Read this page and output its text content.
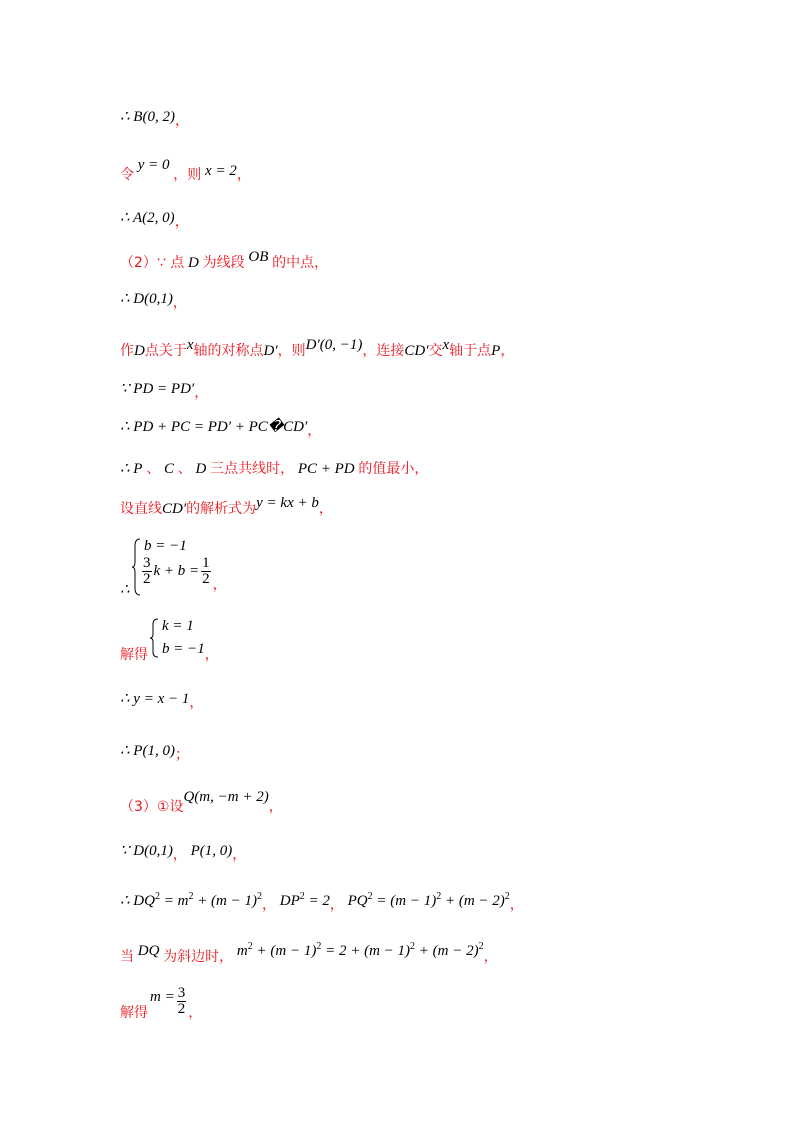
∴ B(0, 2)，
令 y = 0 ，则 x = 2，
∴ A(2, 0)，
（2）∵ 点 D 为线段 OB 的中点，
∴ D(0,1)，
作D点关于x轴的对称点D′，则D′(0, −1)，连接CD′交x轴于点P，
∵ PD = PD′，
∴ PD + PC = PD′ + PC�CD′，
∴ P 、 C 、 D 三点共线时， PC + PD 的值最小，
设直线CD′的解析式为y = kx + b，
∴
b = −1
$\frac{3}{2}$ $k + b = \frac{1}{2}$ ，
解得
k = 1
b = −1，
∴ y = x − 1，
∴ P(1, 0)；
（3）①设Q(m, −m + 2)，
∵ D(0,1)， P(1, 0)，
∴ $DQ^2 = m^2 + (m - 1)^2$， $DP^2 = 2$， $PQ^2 = (m - 1)^2 + (m - 2)^2$，
当 DQ 为斜边时， $m^2 + (m - 1)^2 = 2 + (m - 1)^2 + (m - 2)^2$，
解得
$m = \frac{3}{2}$ ，
